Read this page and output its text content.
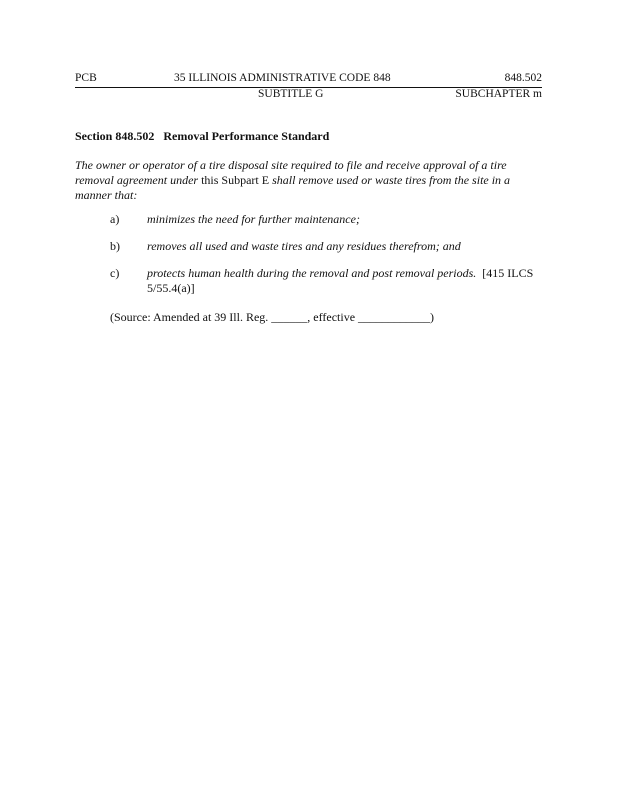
PCB	35 ILLINOIS ADMINISTRATIVE CODE 848	848.502
SUBTITLE G	SUBCHAPTER m
Section 848.502 Removal Performance Standard
The owner or operator of a tire disposal site required to file and receive approval of a tire
removal agreement under this Subpart E shall remove used or waste tires from the site in a
manner that:
a) minimizes the need for further maintenance;
b) removes all used and waste tires and any residues therefrom; and
c) protects human health during the removal and post removal periods.  [415 ILCS
5/55.4(a)]
(Source: Amended at 39 Ill. Reg. ______, effective ____________)
